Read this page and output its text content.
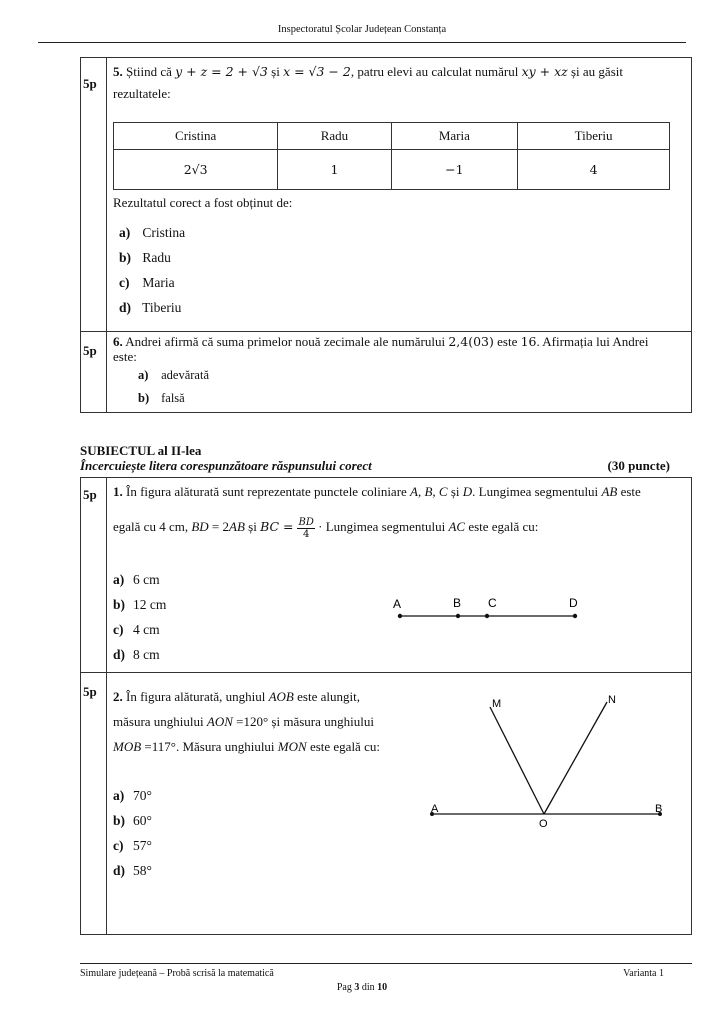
Inspectoratul Școlar Județean Constanța
5p
5. Știind că y + z = 2 + √3 și x = √3 − 2, patru elevi au calculat numărul xy + xz și au găsit
rezultatele:
Cristina	Radu	Maria	Tiberiu
2√3	1	−1	4
Rezultatul corect a fost obținut de:
a) Cristina
b) Radu
c) Maria
d) Tiberiu
5p
6. Andrei afirmă că suma primelor nouă zecimale ale numărului 2,4(03) este 16. Afirmația lui Andrei
este:
a) adevărată
b) falsă
SUBIECTUL al II-lea
Încercuiește litera corespunzătoare răspunsului corect	(30 puncte)
5p 1. În figura alăturată sunt reprezentate punctele coliniare A, B, C și D. Lungimea segmentului AB este
egală cu 4 cm, BD = 2AB și BC = $\frac{BD}{4}$ · Lungimea segmentului AC este egală cu:
a) 6 cm
b) 12 cm
c) 4 cm
d) 8 cm
A	B C	D
5p 2. În figura alăturată, unghiul AOB este alungit,
măsura unghiului AON =120° și măsura unghiului
MOB =117°. Măsura unghiului MON este egală cu:
a) 70°
b) 60°
c) 57°
d) 58°
M	N
A	B
O
Simulare județeană – Probă scrisă la matematică	Varianta 1
Pag 3 din 10
